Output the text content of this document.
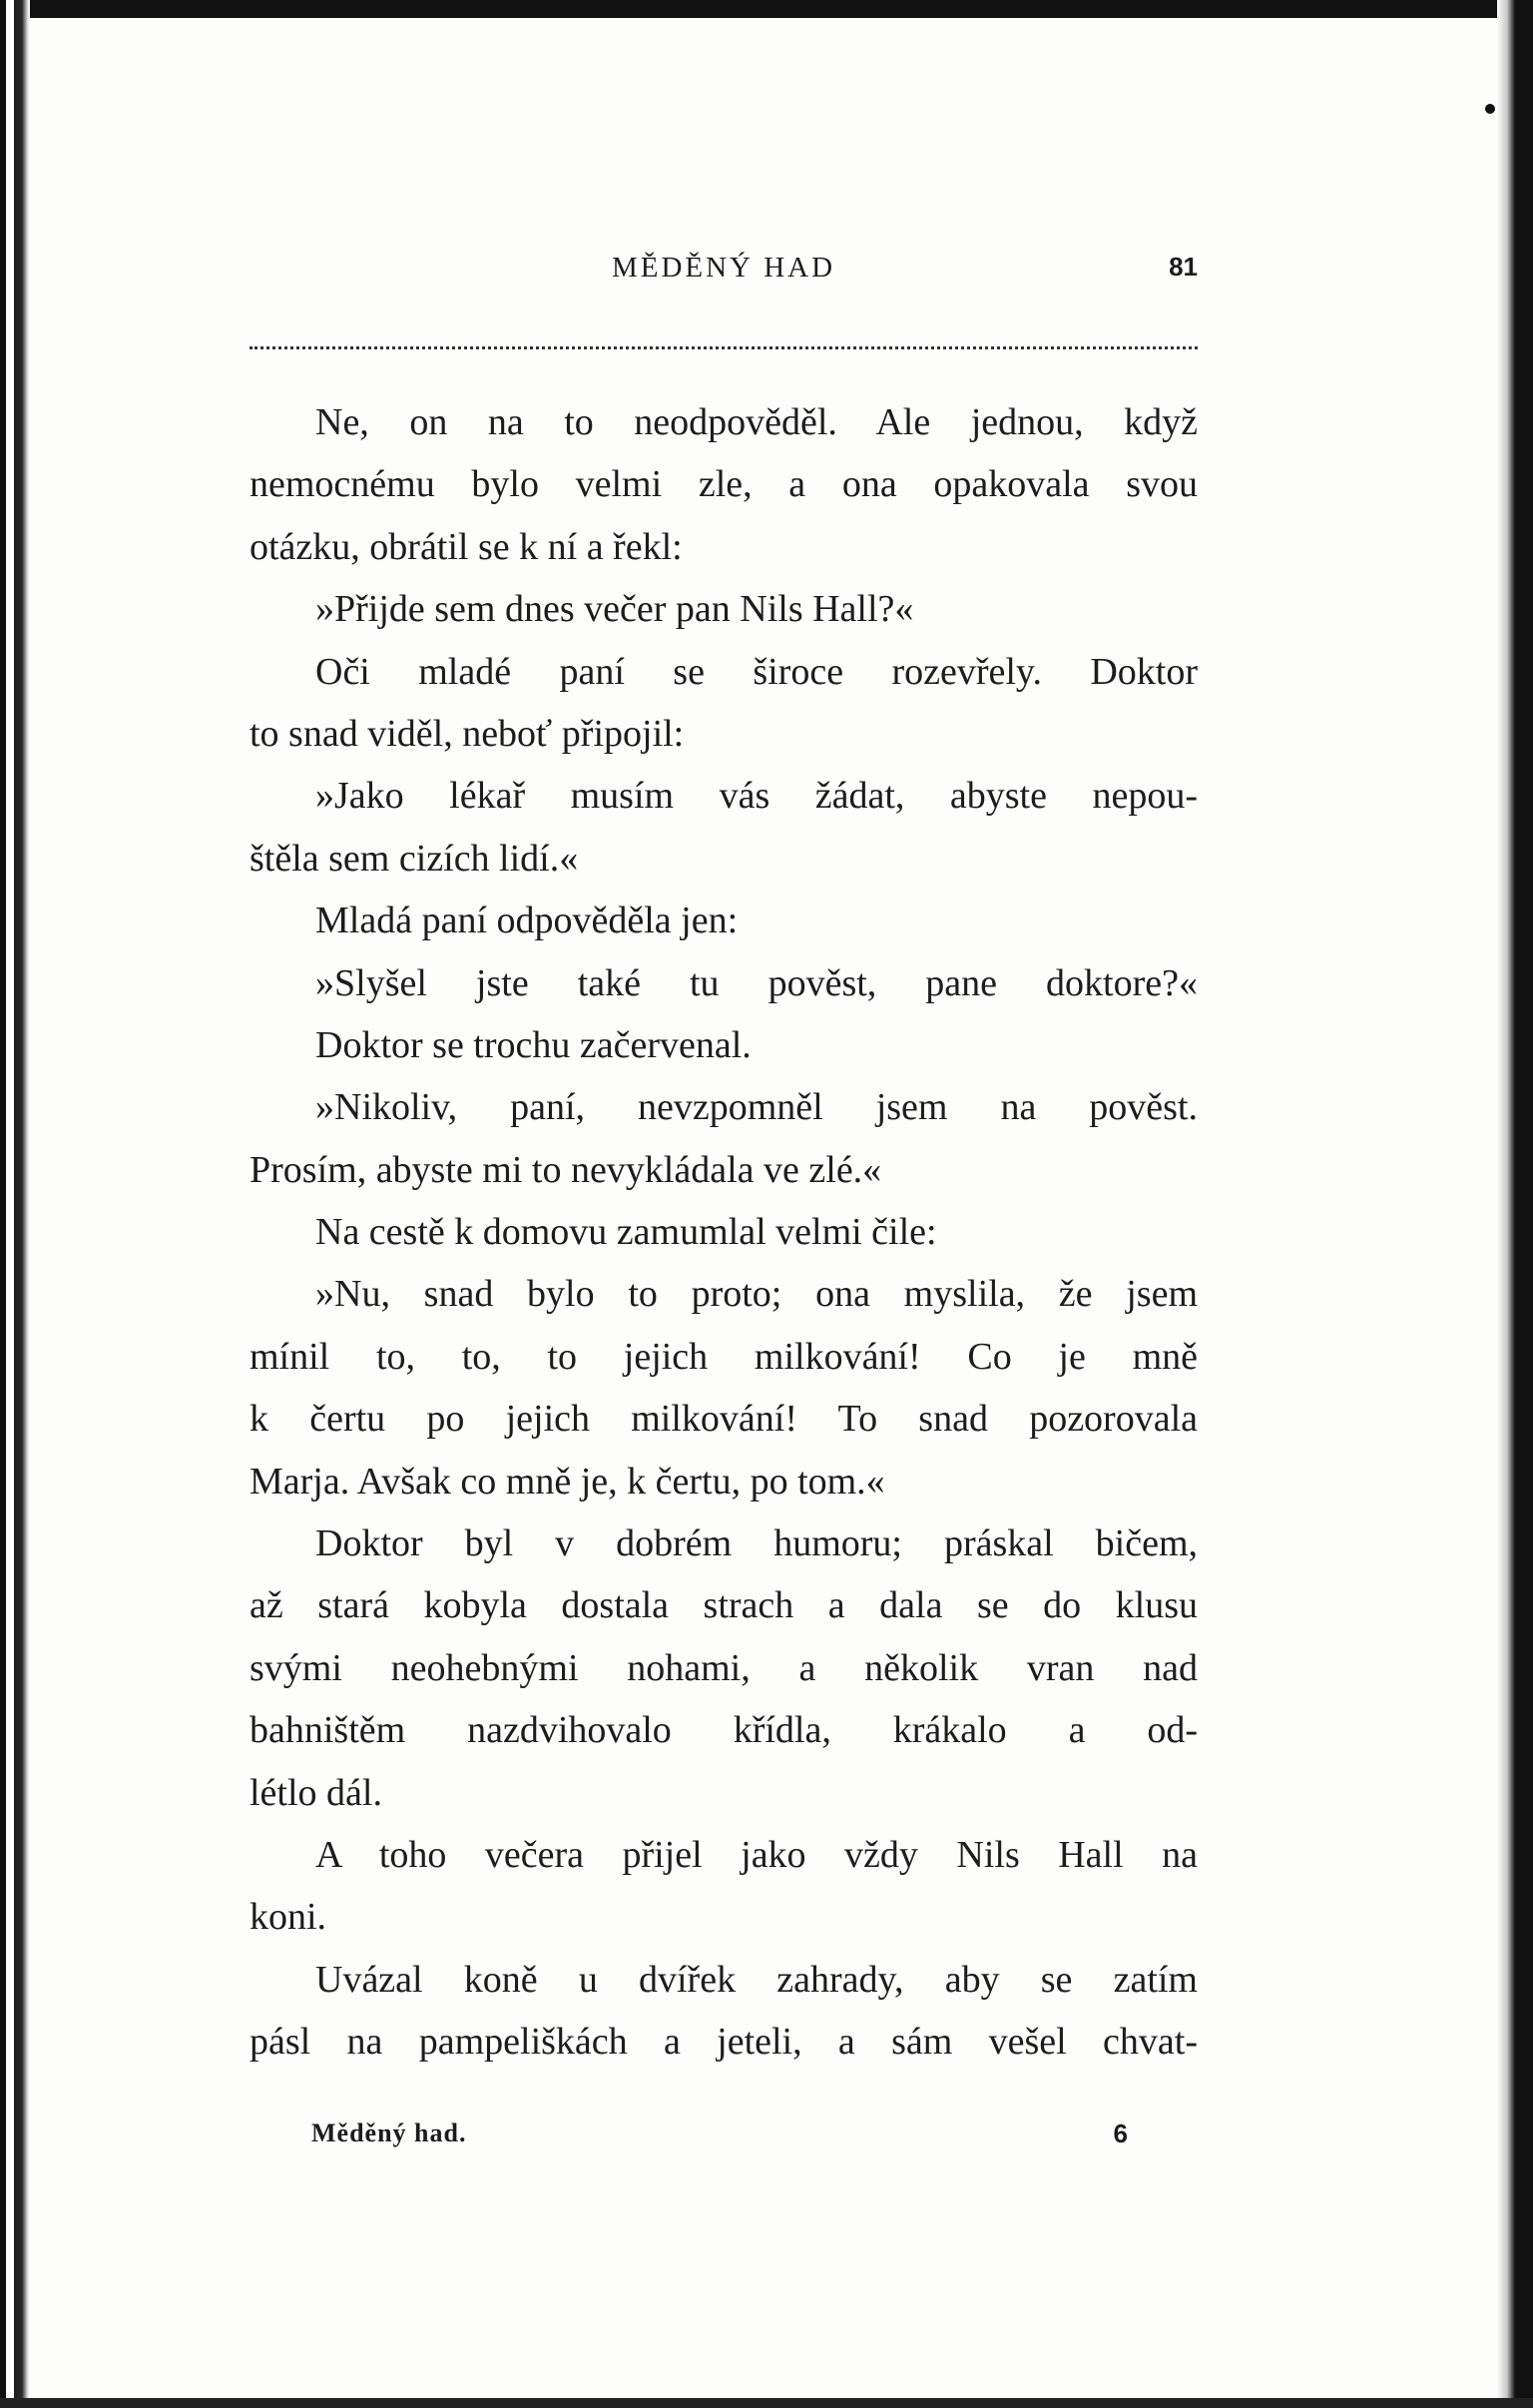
MĚDĚNÝ HAD	81
Ne, on na to neodpověděl. Ale jednou, když
nemocnému bylo velmi zle, a ona opakovala svou
otázku, obrátil se k ní a řekl:
»Přijde sem dnes večer pan Nils Hall?«
Oči mladé paní se široce rozevřely. Doktor
to snad viděl, neboť připojil:
»Jako lékař musím vás žádat, abyste nepou-
štěla sem cizích lidí.«
Mladá paní odpověděla jen:
»Slyšel jste také tu pověst, pane doktore?«
Doktor se trochu začervenal.
»Nikoliv, paní, nevzpomněl jsem na pověst.
Prosím, abyste mi to nevykládala ve zlé.«
Na cestě k domovu zamumlal velmi čile:
»Nu, snad bylo to proto; ona myslila, že jsem
mínil to, to, to jejich milkování! Co je mně
k čertu po jejich milkování! To snad pozorovala
Marja. Avšak co mně je, k čertu, po tom.«
Doktor byl v dobrém humoru; práskal bičem,
až stará kobyla dostala strach a dala se do klusu
svými neohebnými nohami, a několik vran nad
bahništěm nazdvihovalo křídla, krákalo a od-
létlo dál.
A toho večera přijel jako vždy Nils Hall na
koni.
Uvázal koně u dvířek zahrady, aby se zatím
pásl na pampeliškách a jeteli, a sám vešel chvat-
Měděný had.	6
